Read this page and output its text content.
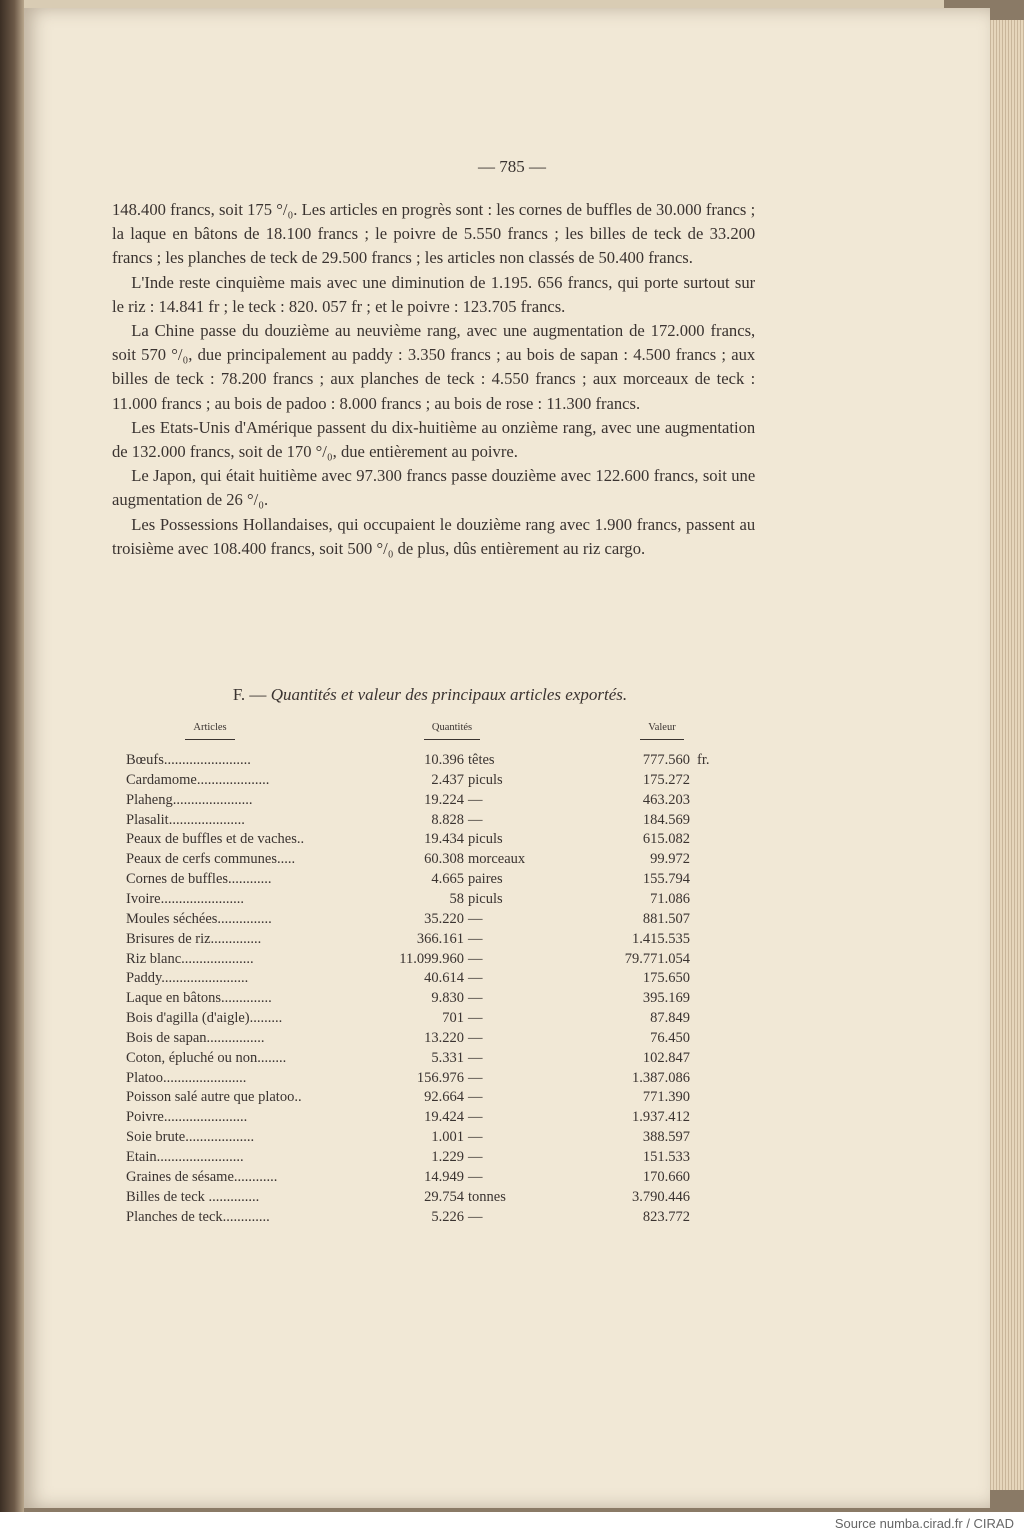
— 785 —

148.400 francs, soit 175 °/₀. Les articles en progrès sont : les cornes de buffles de 30.000 francs ; la laque en bâtons de 18.100 francs ; le poivre de 5.550 francs ; les billes de teck de 33.200 francs ; les planches de teck de 29.500 francs ; les articles non classés de 50.400 francs.

L'Inde reste cinquième mais avec une diminution de 1.195. 656 francs, qui porte surtout sur le riz : 14.841 fr ; le teck : 820. 057 fr ; et le poivre : 123.705 francs.

La Chine passe du douzième au neuvième rang, avec une augmentation de 172.000 francs, soit 570 °/₀, due principalement au paddy : 3.350 francs ; au bois de sapan : 4.500 francs ; aux billes de teck : 78.200 francs ; aux planches de teck : 4.550 francs ; aux morceaux de teck : 11.000 francs ; au bois de padoo : 8.000 francs ; au bois de rose : 11.300 francs.

Les Etats-Unis d'Amérique passent du dix-huitième au onzième rang, avec une augmentation de 132.000 francs, soit de 170 °/₀, due entièrement au poivre.

Le Japon, qui était huitième avec 97.300 francs passe douzième avec 122.600 francs, soit une augmentation de 26 °/₀.

Les Possessions Hollandaises, qui occupaient le douzième rang avec 1.900 francs, passent au troisième avec 108.400 francs, soit 500 °/₀ de plus, dûs entièrement au riz cargo.

F. — Quantités et valeur des principaux articles exportés.
Articles	Quantités	Valeur
Bœufs........................	10.396 têtes	777.560 fr.
Cardamome....................	2.437 piculs	175.272
Plaheng......................	19.224 —	463.203
Plasalit.....................	8.828 —	184.569
Peaux de buffles et de vaches..	19.434 piculs	615.082
Peaux de cerfs communes.....	60.308 morceaux	99.972
Cornes de buffles............	4.665 paires	155.794
Ivoire.......................	58 piculs	71.086
Moules séchées...............	35.220 —	881.507
Brisures de riz..............	366.161 —	1.415.535
Riz blanc....................	11.099.960 —	79.771.054
Paddy........................	40.614 —	175.650
Laque en bâtons..............	9.830 —	395.169
Bois d'agilla (d'aigle).........	701 —	87.849
Bois de sapan................	13.220 —	76.450
Coton, épluché ou non........	5.331 —	102.847
Platoo.......................	156.976 —	1.387.086
Poisson salé autre que platoo..	92.664 —	771.390
Poivre.......................	19.424 —	1.937.412
Soie brute...................	1.001 —	388.597
Etain........................	1.229 —	151.533
Graines de sésame............	14.949 —	170.660
Billes de teck ..............	29.754 tonnes	3.790.446
Planches de teck.............	5.226 —	823.772
Source numba.cirad.fr / CIRAD
